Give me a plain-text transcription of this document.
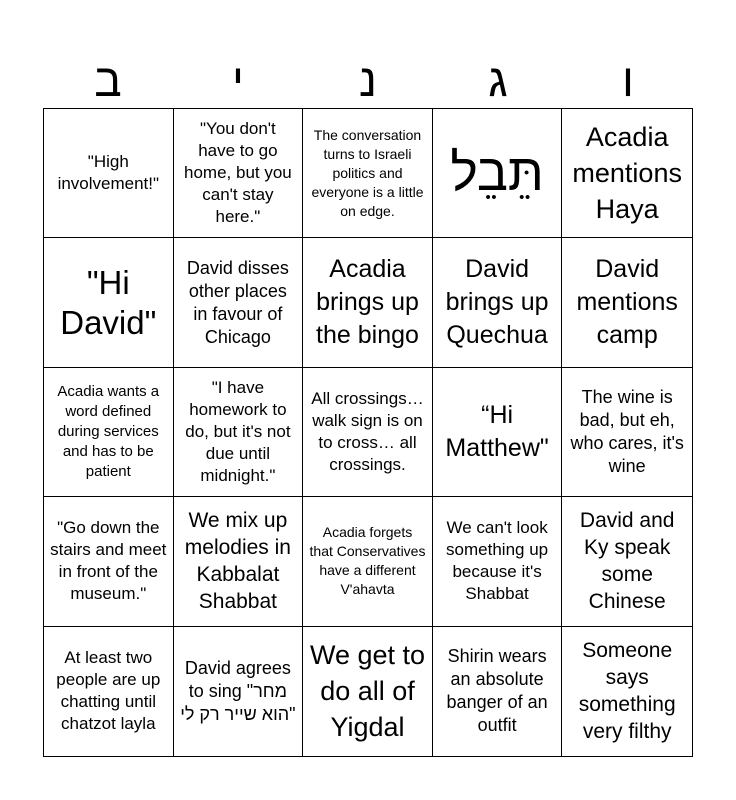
ב	י	נ	ג	ו
"High involvement!"
"You don't have to go home, but you can't stay here."
The conversation turns to Israeli politics and everyone is a little on edge.
תֵּבֵל
Acadia mentions Haya
"Hi David"
David disses other places in favour of Chicago
Acadia brings up the bingo
David brings up Quechua
David mentions camp
Acadia wants a word defined during services and has to be patient
"I have homework to do, but it's not due until midnight."
All crossings… walk sign is on to cross… all crossings.
“Hi Matthew"
The wine is bad, but eh, who cares, it's wine
"Go down the stairs and meet in front of the museum."
We mix up melodies in Kabbalat Shabbat
Acadia forgets that Conservatives have a different V'ahavta
We can't look something up because it's Shabbat
David and Ky speak some Chinese
At least two people are up chatting until chatzot layla
David agrees to sing "מחר הוא שייר רק לי"
We get to do all of Yigdal
Shirin wears an absolute banger of an outfit
Someone says something very filthy
